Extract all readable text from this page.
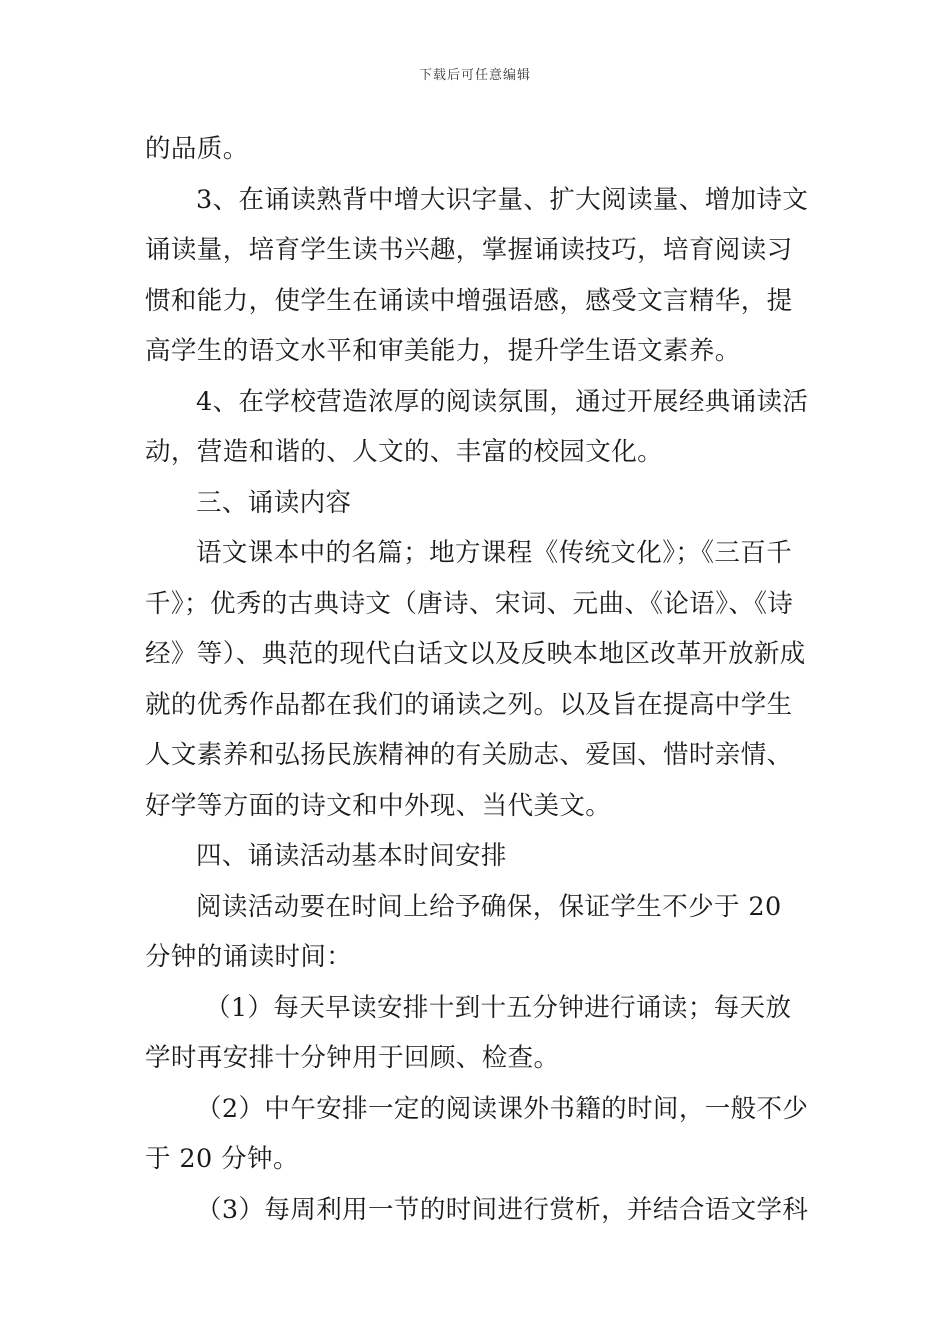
下载后可任意编辑

的品质。

3、在诵读熟背中增大识字量、扩大阅读量、增加诗文诵读量，培育学生读书兴趣，掌握诵读技巧，培育阅读习惯和能力，使学生在诵读中增强语感，感受文言精华，提高学生的语文水平和审美能力，提升学生语文素养。

4、在学校营造浓厚的阅读氛围，通过开展经典诵读活动，营造和谐的、人文的、丰富的校园文化。

三、诵读内容

语文课本中的名篇；地方课程《传统文化》；《三百千 千》；优秀的古典诗文（唐诗、宋词、元曲、《论语》、《诗经》等）、典范的现代白话文以及反映本地区改革开放新成就的优秀作品都在我们的诵读之列。以及旨在提高中学生人文素养和弘扬民族精神的有关励志、爱国、惜时亲情、好学等方面的诗文和中外现、当代美文。

四、诵读活动基本时间安排

阅读活动要在时间上给予确保，保证学生不少于 20 分钟的诵读时间：

（1）每天早读安排十到十五分钟进行诵读；每天放学时再安排十分钟用于回顾、检查。

（2）中午安排一定的阅读课外书籍的时间，一般不少于 20 分钟。

（3）每周利用一节的时间进行赏析，并结合语文学科
